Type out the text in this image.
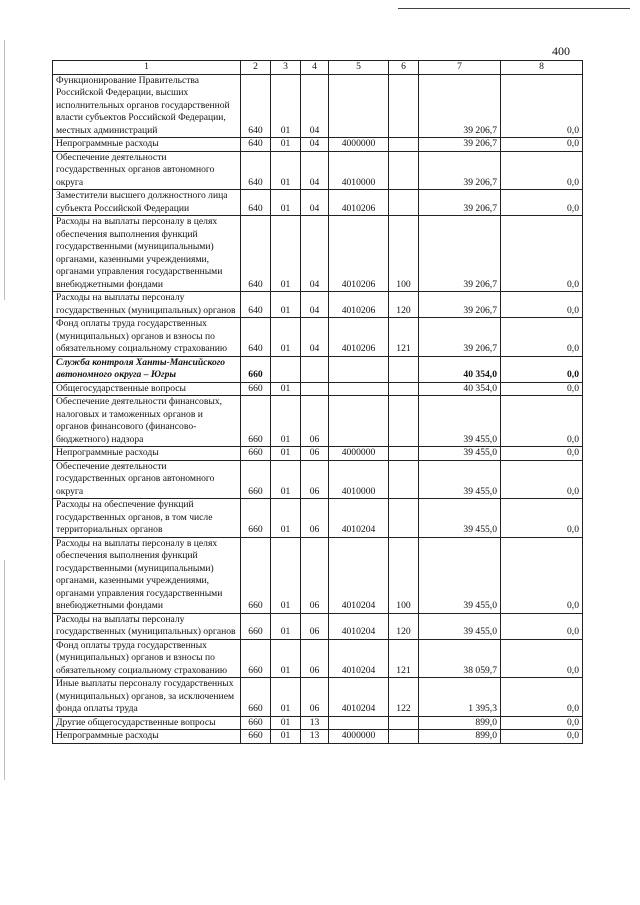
400
1	2	3	4	5	6	7	8
Функционирование Правительства Российской Федерации, высших исполнительных органов государственной власти субъектов Российской Федерации, местных администраций	640	01	04			39 206,7	0,0
Непрограммные расходы	640	01	04	4000000		39 206,7	0,0
Обеспечение деятельности государственных органов автономного округа	640	01	04	4010000		39 206,7	0,0
Заместители высшего должностного лица субъекта Российской Федерации	640	01	04	4010206		39 206,7	0,0
Расходы на выплаты персоналу в целях обеспечения выполнения функций государственными (муниципальными) органами, казенными учреждениями, органами управления государственными внебюджетными фондами	640	01	04	4010206	100	39 206,7	0,0
Расходы на выплаты персоналу государственных (муниципальных) органов	640	01	04	4010206	120	39 206,7	0,0
Фонд оплаты труда государственных (муниципальных) органов и взносы по обязательному социальному страхованию	640	01	04	4010206	121	39 206,7	0,0
Служба контроля Ханты-Мансийского автономного округа – Югры	660					40 354,0	0,0
Общегосударственные вопросы	660	01				40 354,0	0,0
Обеспечение деятельности финансовых, налоговых и таможенных органов и органов финансового (финансово-бюджетного) надзора	660	01	06			39 455,0	0,0
Непрограммные расходы	660	01	06	4000000		39 455,0	0,0
Обеспечение деятельности государственных органов автономного округа	660	01	06	4010000		39 455,0	0,0
Расходы на обеспечение функций государственных органов, в том числе территориальных органов	660	01	06	4010204		39 455,0	0,0
Расходы на выплаты персоналу в целях обеспечения выполнения функций государственными (муниципальными) органами, казенными учреждениями, органами управления государственными внебюджетными фондами	660	01	06	4010204	100	39 455,0	0,0
Расходы на выплаты персоналу государственных (муниципальных) органов	660	01	06	4010204	120	39 455,0	0,0
Фонд оплаты труда государственных (муниципальных) органов и взносы по обязательному социальному страхованию	660	01	06	4010204	121	38 059,7	0,0
Иные выплаты персоналу государственных (муниципальных) органов, за исключением фонда оплаты труда	660	01	06	4010204	122	1 395,3	0,0
Другие общегосударственные вопросы	660	01	13			899,0	0,0
Непрограммные расходы	660	01	13	4000000		899,0	0,0
